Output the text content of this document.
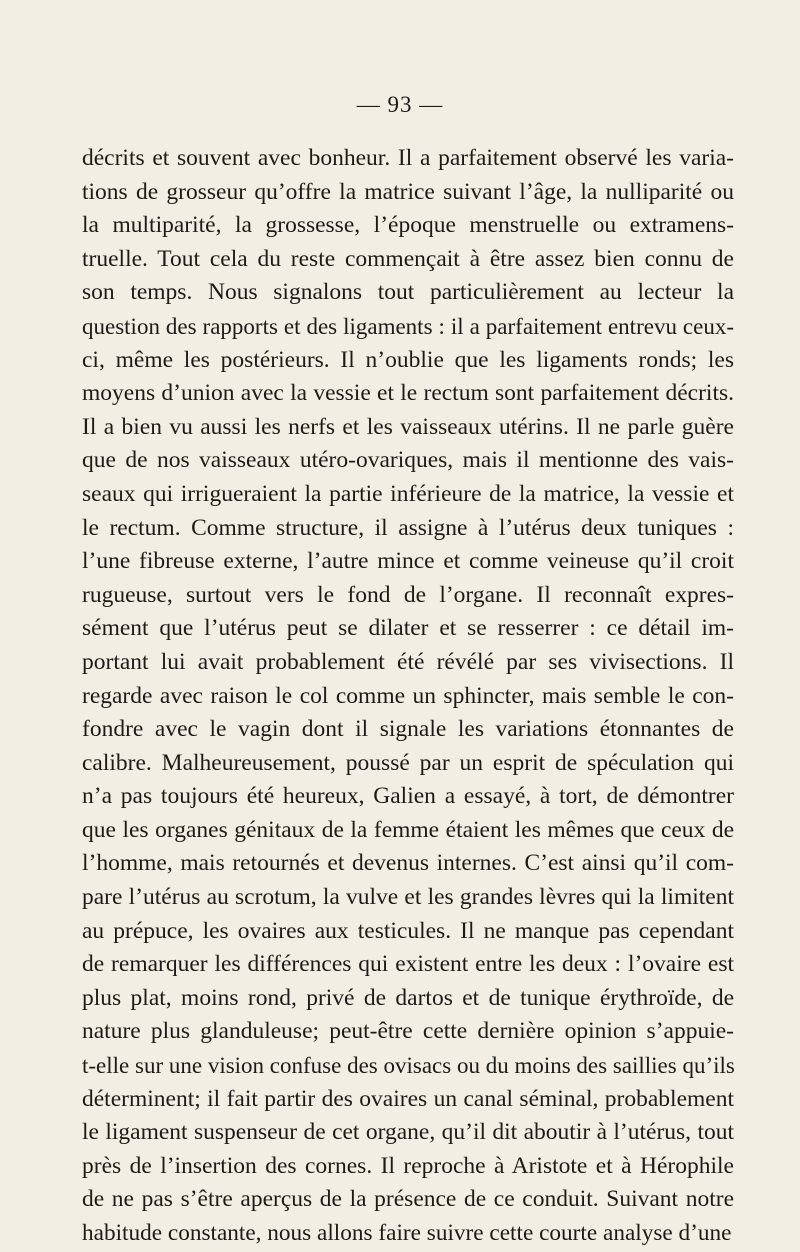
— 93 —
décrits et souvent avec bonheur. Il a parfaitement observé les varia-
tions de grosseur qu’offre la matrice suivant l’âge, la nulliparité ou
la multiparité, la grossesse, l’époque menstruelle ou extramens-
truelle. Tout cela du reste commençait à être assez bien connu de
son temps. Nous signalons tout particulièrement au lecteur la
question des rapports et des ligaments : il a parfaitement entrevu ceux-
ci, même les postérieurs. Il n’oublie que les ligaments ronds; les
moyens d’union avec la vessie et le rectum sont parfaitement décrits.
Il a bien vu aussi les nerfs et les vaisseaux utérins. Il ne parle guère
que de nos vaisseaux utéro-ovariques, mais il mentionne des vais-
seaux qui irrigueraient la partie inférieure de la matrice, la vessie et
le rectum. Comme structure, il assigne à l’utérus deux tuniques :
l’une fibreuse externe, l’autre mince et comme veineuse qu’il croit
rugueuse, surtout vers le fond de l’organe. Il reconnaît expres-
sément que l’utérus peut se dilater et se resserrer : ce détail im-
portant lui avait probablement été révélé par ses vivisections. Il
regarde avec raison le col comme un sphincter, mais semble le con-
fondre avec le vagin dont il signale les variations étonnantes de
calibre. Malheureusement, poussé par un esprit de spéculation qui
n’a pas toujours été heureux, Galien a essayé, à tort, de démontrer
que les organes génitaux de la femme étaient les mêmes que ceux de
l’homme, mais retournés et devenus internes. C’est ainsi qu’il com-
pare l’utérus au scrotum, la vulve et les grandes lèvres qui la limitent
au prépuce, les ovaires aux testicules. Il ne manque pas cependant
de remarquer les différences qui existent entre les deux : l’ovaire est
plus plat, moins rond, privé de dartos et de tunique érythroïde, de
nature plus glanduleuse; peut-être cette dernière opinion s’appuie-
t-elle sur une vision confuse des ovisacs ou du moins des saillies qu’ils
déterminent; il fait partir des ovaires un canal séminal, probablement
le ligament suspenseur de cet organe, qu’il dit aboutir à l’utérus, tout
près de l’insertion des cornes. Il reproche à Aristote et à Hérophile
de ne pas s’être aperçus de la présence de ce conduit. Suivant notre
habitude constante, nous allons faire suivre cette courte analyse d’une
